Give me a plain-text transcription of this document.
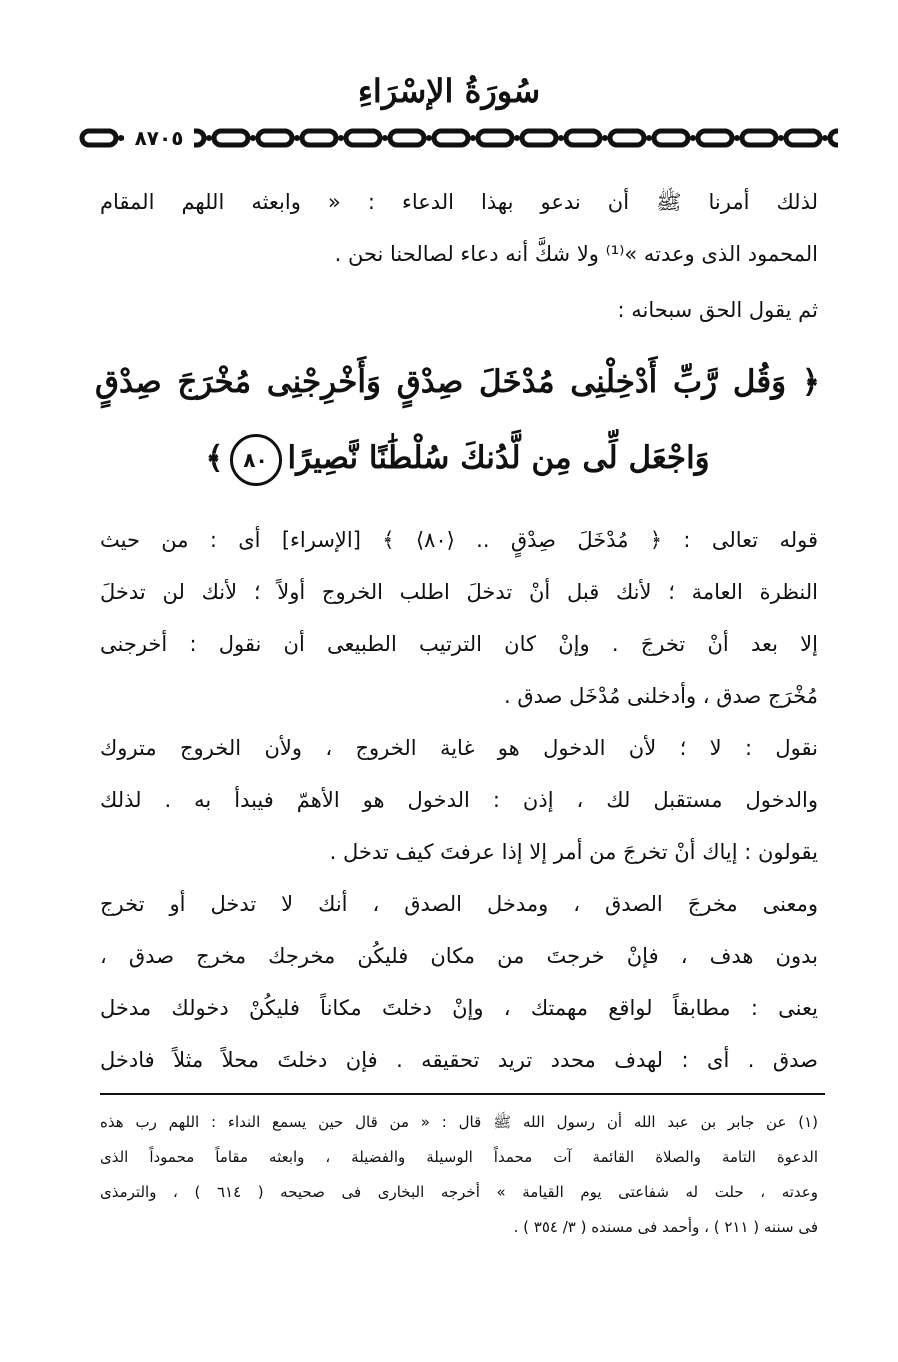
سُورَةُ الإسْرَاءِ
٨٧٠٥
لذلك أمرنا ﷺ أن ندعو بهذا الدعاء : « وابعثه اللهم المقام
المحمود الذى وعدته »⁽¹⁾ ولا شكَّ أنه دعاء لصالحنا نحن .
ثم يقول الحق سبحانه :
﴿ وَقُل رَّبِّ أَدْخِلْنِى مُدْخَلَ صِدْقٍ وَأَخْرِجْنِى مُخْرَجَ صِدْقٍ
وَاجْعَل لِّى مِن لَّدُنكَ سُلْطَٰنًا نَّصِيرًا٨٠﴾
قوله تعالى : ﴿ مُدْخَلَ صِدْقٍ .. ⟨٨٠⟩ ﴾ [الإسراء] أى : من حيث
النظرة العامة ؛ لأنك قبل أنْ تدخلَ اطلب الخروج أولاً ؛ لأنك لن تدخلَ
إلا بعد أنْ تخرجَ . وإنْ كان الترتيب الطبيعى أن نقول : أخرجنى
مُخْرَج صدق ، وأدخلنى مُدْخَل صدق .
نقول : لا ؛ لأن الدخول هو غاية الخروج ، ولأن الخروج متروك
والدخول مستقبل لك ، إذن : الدخول هو الأهمّ فيبدأ به . لذلك
يقولون : إياك أنْ تخرجَ من أمر إلا إذا عرفتَ كيف تدخل .
ومعنى مخرجَ الصدق ، ومدخل الصدق ، أنك لا تدخل أو تخرج
بدون هدف ، فإنْ خرجتَ من مكان فليكُن مخرجك مخرج صدق ،
يعنى : مطابقاً لواقع مهمتك ، وإنْ دخلتَ مكاناً فليكُنْ دخولك مدخل
صدق . أى : لهدف محدد تريد تحقيقه . فإن دخلتَ محلاً مثلاً فادخل
(١) عن جابر بن عبد الله أن رسول الله ﷺ قال : « من قال حين يسمع النداء : اللهم رب هذه
الدعوة التامة والصلاة القائمة آت محمداً الوسيلة والفضيلة ، وابعثه مقاماً محموداً الذى
وعدته ، حلت له شفاعتى يوم القيامة » أخرجه البخارى فى صحيحه ( ٦١٤ ) ، والترمذى
فى سننه ( ٢١١ ) ، وأحمد فى مسنده ( ٣/ ٣٥٤ ) .
